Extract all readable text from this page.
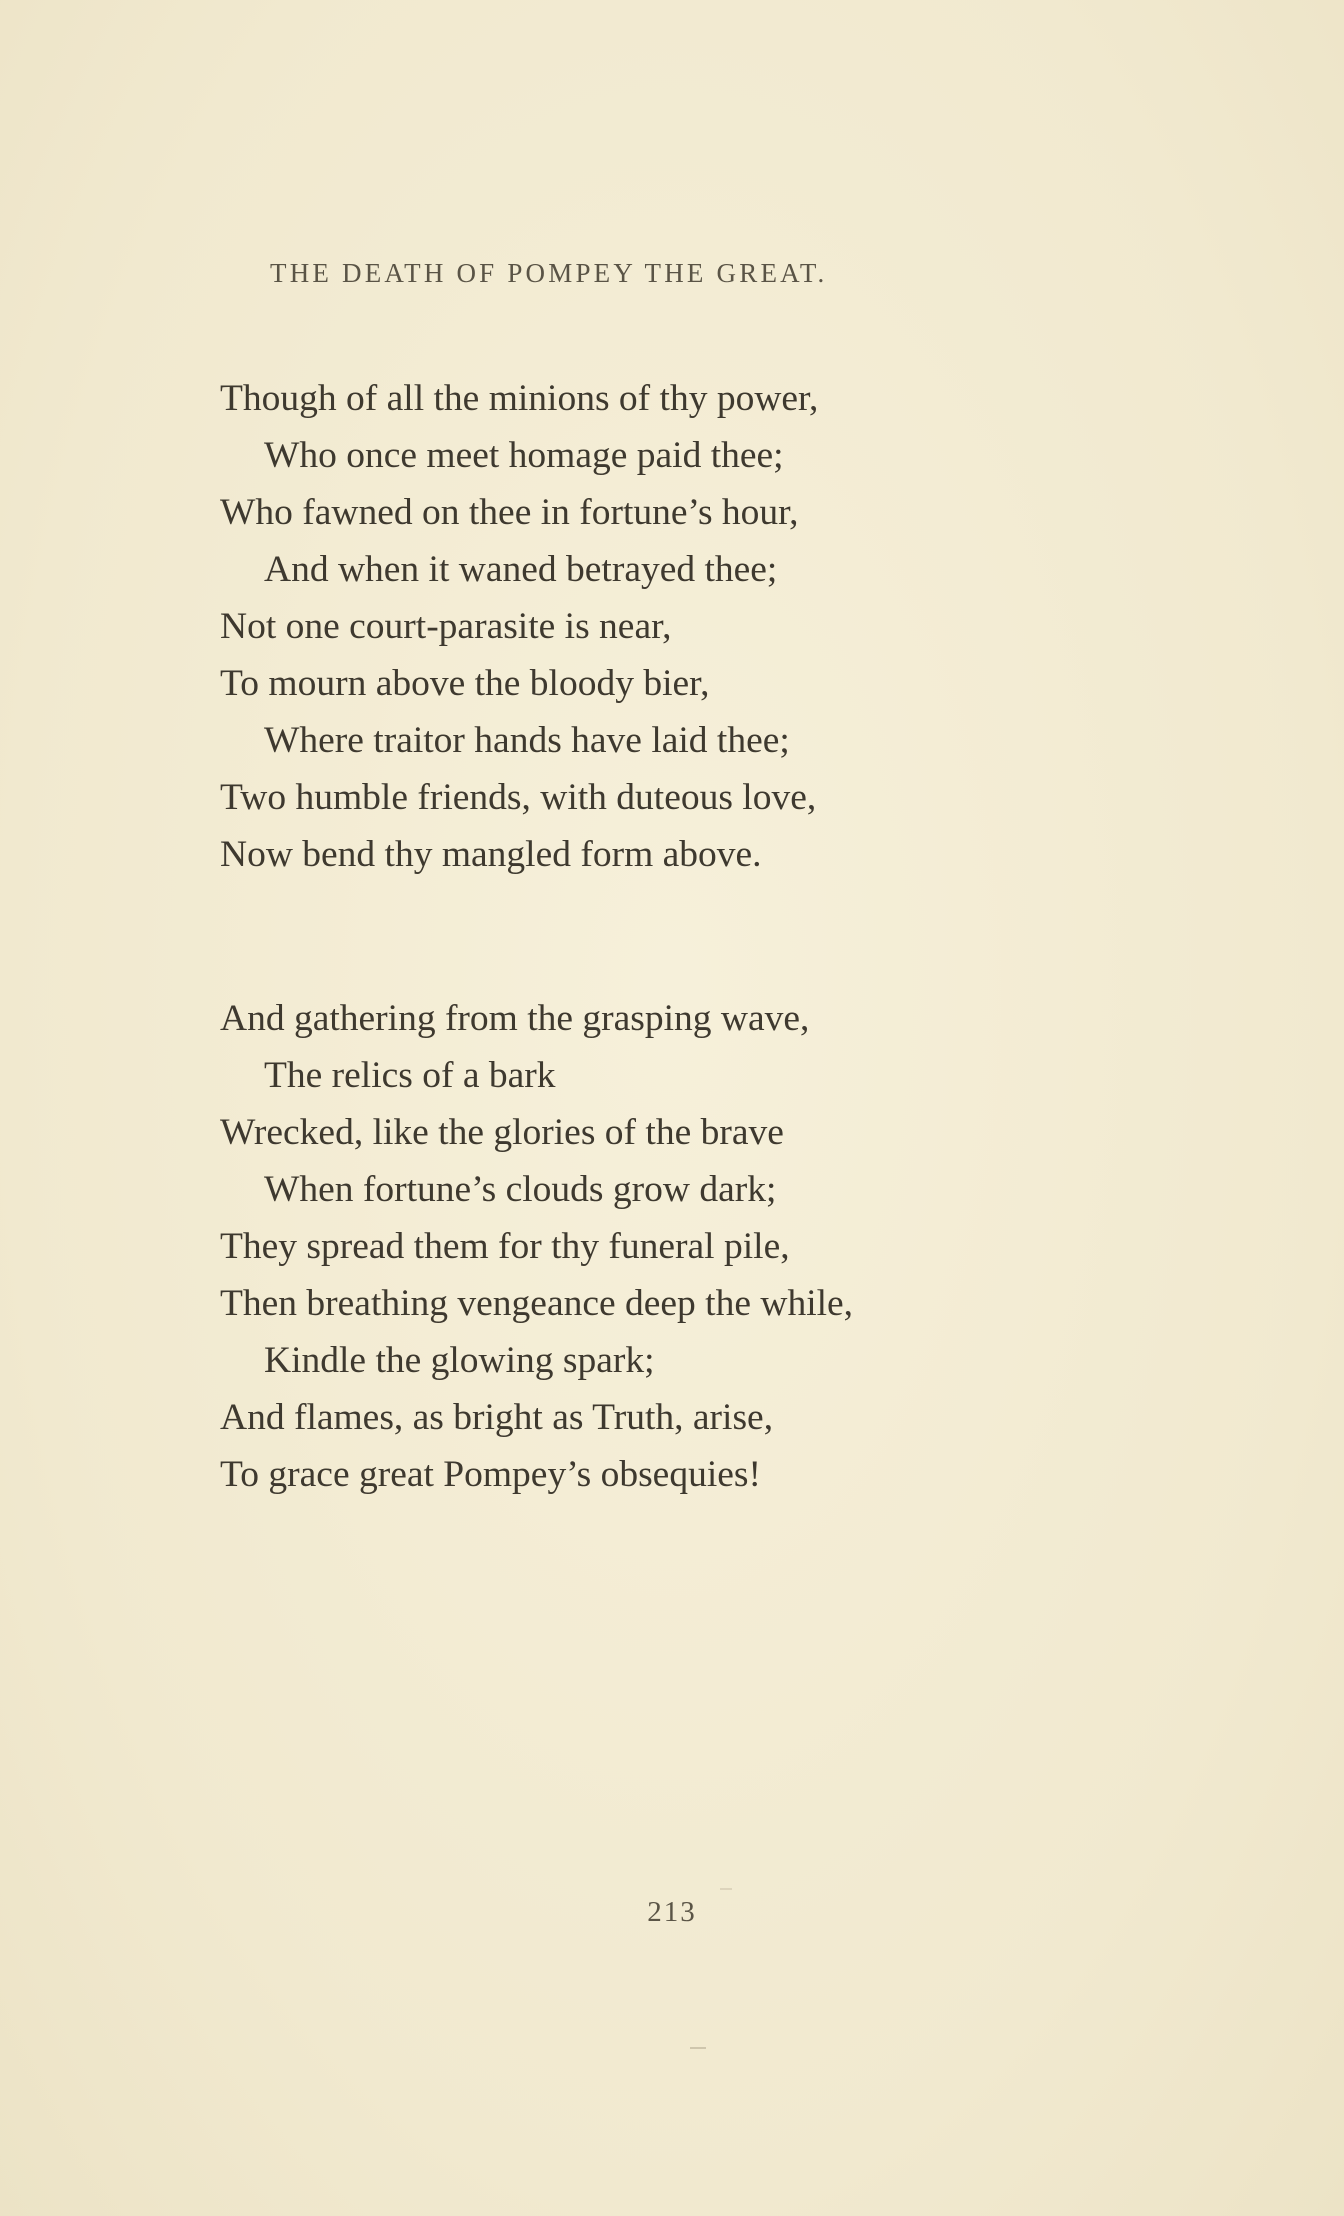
THE DEATH OF POMPEY THE GREAT.
Though of all the minions of thy power,
Who once meet homage paid thee;
Who fawned on thee in fortune’s hour,
And when it waned betrayed thee;
Not one court-parasite is near,
To mourn above the bloody bier,
Where traitor hands have laid thee;
Two humble friends, with duteous love,
Now bend thy mangled form above.
And gathering from the grasping wave,
The relics of a bark
Wrecked, like the glories of the brave
When fortune’s clouds grow dark;
They spread them for thy funeral pile,
Then breathing vengeance deep the while,
Kindle the glowing spark;
And flames, as bright as Truth, arise,
To grace great Pompey’s obsequies!
213
